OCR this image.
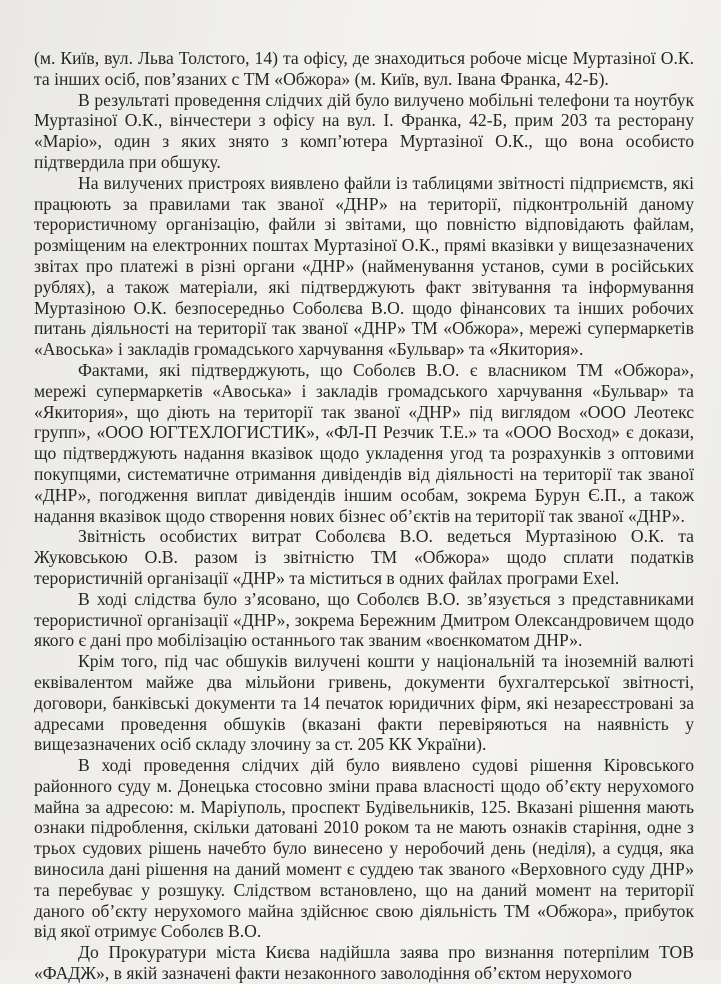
(м. Київ, вул. Льва Толстого, 14) та офісу, де знаходиться робоче місце Муртазіної О.К. та інших осіб, пов’язаних с ТМ «Обжора» (м. Київ, вул. Івана Франка, 42-Б).

В результаті проведення слідчих дій було вилучено мобільні телефони та ноутбук Муртазіної О.К., вінчестери з офісу на вул. І. Франка, 42-Б, прим 203 та ресторану «Маріо», один з яких знято з комп’ютера Муртазіної О.К., що вона особисто підтвердила при обшуку.

На вилучених пристроях виявлено файли із таблицями звітності підприємств, які працюють за правилами так званої «ДНР» на території, підконтрольній даному терористичному організацію, файли зі звітами, що повністю відповідають файлам, розміщеним на електронних поштах Муртазіної О.К., прямі вказівки у вищезазначених звітах про платежі в різні органи «ДНР» (найменування установ, суми в російських рублях), а також матеріали, які підтверджують факт звітування та інформування Муртазіною О.К. безпосередньо Соболєва В.О. щодо фінансових та інших робочих питань діяльності на території так званої «ДНР» ТМ «Обжора», мережі супермаркетів «Авоська» і закладів громадського харчування «Бульвар» та «Якитория».

Фактами, які підтверджують, що Соболєв В.О. є власником ТМ «Обжора», мережі супермаркетів «Авоська» і закладів громадського харчування «Бульвар» та «Якитория», що діють на території так званої «ДНР» під виглядом «ООО Леотекс групп», «ООО ЮГТЕХЛОГИСТИК», «ФЛ-П Резчик Т.Е.» та «ООО Восход» є докази, що підтверджують надання вказівок щодо укладення угод та розрахунків з оптовими покупцями, систематичне отримання дивідендів від діяльності на території так званої «ДНР», погодження виплат дивідендів іншим особам, зокрема Бурун Є.П., а також надання вказівок щодо створення нових бізнес об’єктів на території так званої «ДНР».

Звітність особистих витрат Соболєва В.О. ведеться Муртазіною О.К. та Жуковською О.В. разом із звітністю ТМ «Обжора» щодо сплати податків терористичній організації «ДНР» та міститься в одних файлах програми Exel.

В ході слідства було з’ясовано, що Соболєв В.О. зв’язується з представниками терористичної організації «ДНР», зокрема Бережним Дмитром Олександровичем щодо якого є дані про мобілізацію останнього так званим «воєнкоматом ДНР».

Крім того, під час обшуків вилучені кошти у національній та іноземній валюті еквівалентом майже два мільйони гривень, документи бухгалтерської звітності, договори, банківські документи та 14 печаток юридичних фірм, які незареєстровані за адресами проведення обшуків (вказані факти перевіряються на наявність у вищезазначених осіб складу злочину за ст. 205 КК України).

В ході проведення слідчих дій було виявлено судові рішення Кіровського районного суду м. Донецька стосовно зміни права власності щодо об’єкту нерухомого майна за адресою: м. Маріуполь, проспект Будівельників, 125. Вказані рішення мають ознаки підроблення, скільки датовані 2010 роком та не мають ознаків старіння, одне з трьох судових рішень начебто було винесено у неробочий день (неділя), а судця, яка виносила дані рішення на даний момент є суддею так званого «Верховного суду ДНР» та перебуває у розшуку. Слідством встановлено, що на даний момент на території даного об’єкту нерухомого майна здійснює свою діяльність ТМ «Обжора», прибуток від якої отримує Соболєв В.О.

До Прокуратури міста Києва надійшла заява про визнання потерпілим ТОВ «ФАДЖ», в якій зазначені факти незаконного заволодіння об’єктом нерухомого
